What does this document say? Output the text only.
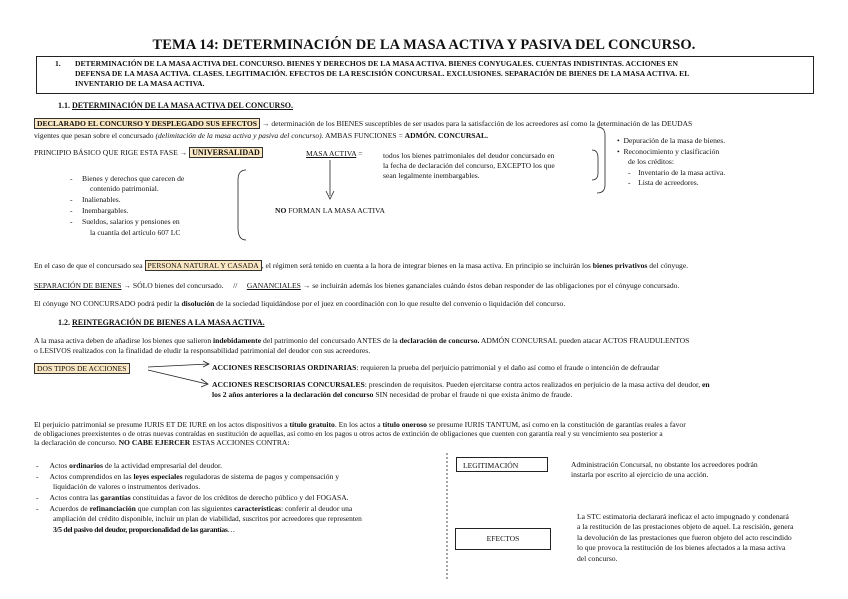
TEMA 14: DETERMINACIÓN DE LA MASA ACTIVA Y PASIVA DEL CONCURSO.
1. DETERMINACIÓN DE LA MASA ACTIVA DEL CONCURSO. BIENES Y DERECHOS DE LA MASA ACTIVA. BIENES CONYUGALES. CUENTAS INDISTINTAS. ACCIONES EN
DEFENSA DE LA MASA ACTIVA. CLASES. LEGITIMACIÓN. EFECTOS DE LA RESCISIÓN CONCURSAL. EXCLUSIONES. SEPARACIÓN DE BIENES DE LA MASA ACTIVA. EL
INVENTARIO DE LA MASA ACTIVA.
1.1. DETERMINACIÓN DE LA MASA ACTIVA DEL CONCURSO.
DECLARADO EL CONCURSO Y DESPLEGADO SUS EFECTOS → determinación de los BIENES susceptibles de ser usados para la satisfacción de los acreedores así como la determinación de las DEUDAS
vigentes que pesan sobre el concursado (delimitación de la masa activa y pasiva del concurso). AMBAS FUNCIONES = ADMÓN. CONCURSAL.
•  Depuración de la masa de bienes.
•  Reconocimiento y clasificación
de los créditos:
-    Inventario de la masa activa.
-    Lista de acreedores.
PRINCIPIO BÁSICO QUE RIGE ESTA FASE → UNIVERSALIDAD	MASA ACTIVA =	todos los bienes patrimoniales del deudor concursado en
la fecha de declaración del concurso, EXCEPTO los que
sean legalmente inembargables.
-     Bienes y derechos que carecen de
contenido patrimonial.
-     Inalienables.
-     Inembargables.
-     Sueldos, salarios y pensiones en
la cuantía del artículo 607 LC
NO FORMAN LA MASA ACTIVA
En el caso de que el concursado sea PERSONA NATURAL Y CASADA , el régimen será tenido en cuenta a la hora de integrar bienes en la masa activa. En principio se incluirán los bienes privativos del cónyuge.
SEPARACIÓN DE BIENES → SÓLO bienes del concursado. // GANANCIALES → se incluirán además los bienes gananciales cuándo éstos deban responder de las obligaciones por el cónyuge concursado.
El cónyuge NO CONCURSADO podrá pedir la disolución de la sociedad liquidándose por el juez en coordinación con lo que resulte del convenio o liquidación del concurso.
1.2. REINTEGRACIÓN DE BIENES A LA MASA ACTIVA.
A la masa activa deben de añadirse los bienes que salieron indebidamente del patrimonio del concursado ANTES de la declaración de concurso. ADMÓN CONCURSAL pueden atacar ACTOS FRAUDULENTOS
o LESIVOS realizados con la finalidad de eludir la responsabilidad patrimonial del deudor con sus acreedores.
DOS TIPOS DE ACCIONES	ACCIONES RESCISORIAS ORDINARIAS: requieren la prueba del perjuicio patrimonial y el daño así como el fraude o intención de defraudar
ACCIONES RESCISORIAS CONCURSALES: prescinden de requisitos. Pueden ejercitarse contra actos realizados en perjuicio de la masa activa del deudor, en
los 2 años anteriores a la declaración del concurso SIN necesidad de probar el fraude ni que exista ánimo de fraude.
El perjuicio patrimonial se presume IURIS ET DE IURE en los actos dispositivos a título gratuito. En los actos a título oneroso se presume IURIS TANTUM, así como en la constitución de garantías reales a favor
de obligaciones preexistentes o de otras nuevas contraídas en sustitución de aquellas, así como en los pagos u otros actos de extinción de obligaciones que cuenten con garantía real y su vencimiento sea posterior a
la declaración de concurso. NO CABE EJERCER ESTAS ACCIONES CONTRA:
-      Actos ordinarios de la actividad empresarial del deudor.
-      Actos comprendidos en las leyes especiales reguladoras de sistema de pagos y compensación y
liquidación de valores o instrumentos derivados.
-      Actos contra las garantías constituidas a favor de los créditos de derecho público y del FOGASA.
-      Acuerdos de refinanciación que cumplan con las siguientes características: conferir al deudor una
ampliación del crédito disponible, incluir un plan de viabilidad, suscritos por acreedores que representen
3/5 del pasivo del deudor, proporcionalidad de las garantías…
LEGITIMACIÓN	Administración Concursal, no obstante los acreedores podrán
instarla por escrito al ejercicio de una acción.
EFECTOS
La STC estimatoria declarará ineficaz el acto impugnado y condenará
a la restitución de las prestaciones objeto de aquel. La rescisión, genera
la devolución de las prestaciones que fueron objeto del acto rescindido
lo que provoca la restitución de los bienes afectados a la masa activa
del concurso.
